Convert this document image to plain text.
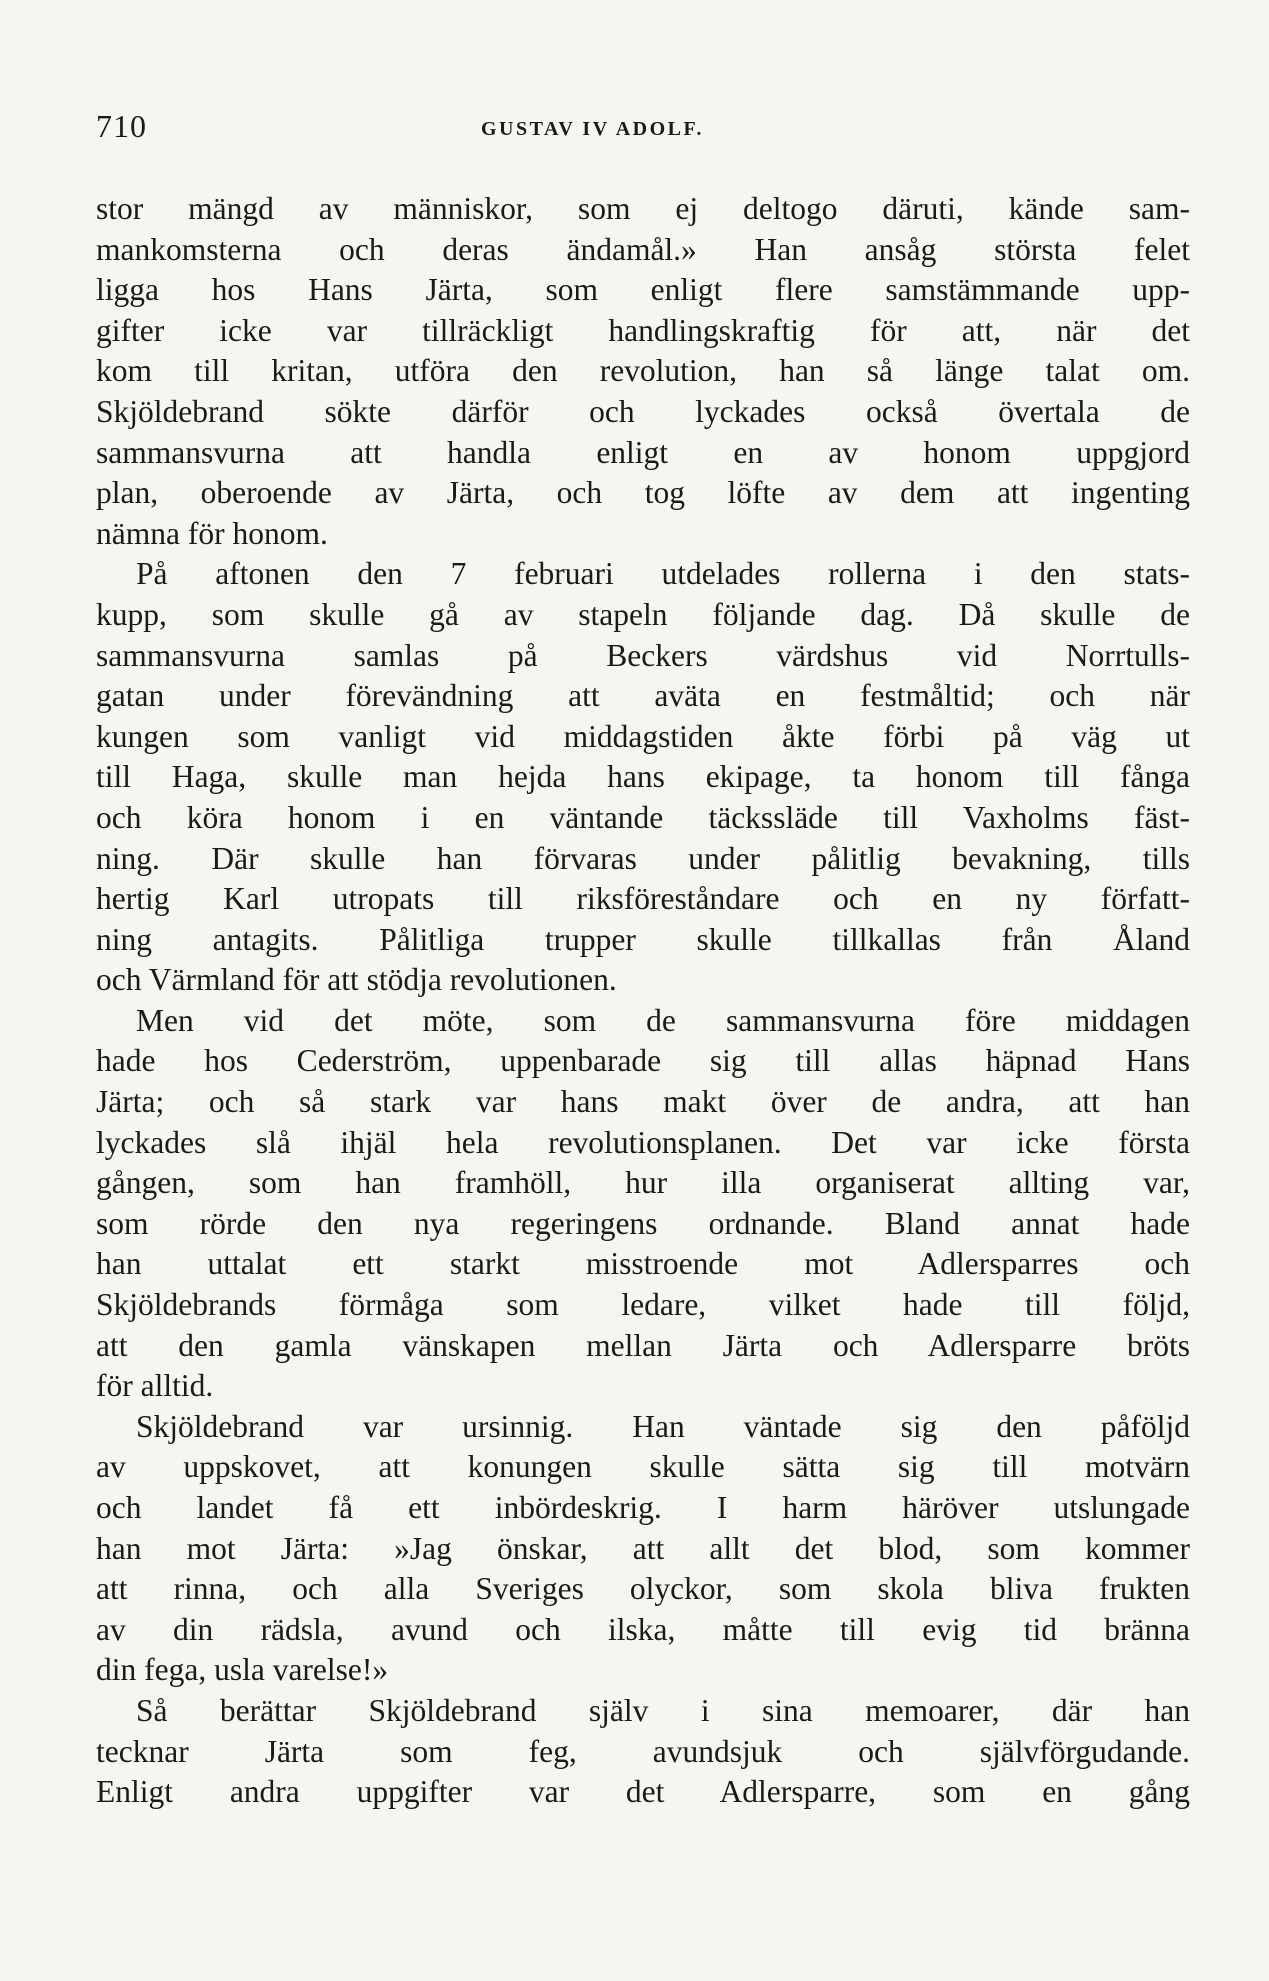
710	GUSTAV IV ADOLF.
stor mängd av människor, som ej deltogo däruti, kände sam-
mankomsterna och deras ändamål.» Han ansåg största felet
ligga hos Hans Järta, som enligt flere samstämmande upp-
gifter icke var tillräckligt handlingskraftig för att, när det
kom till kritan, utföra den revolution, han så länge talat om.
Skjöldebrand sökte därför och lyckades också övertala de
sammansvurna att handla enligt en av honom uppgjord
plan, oberoende av Järta, och tog löfte av dem att ingenting
nämna för honom.
På aftonen den 7 februari utdelades rollerna i den stats-
kupp, som skulle gå av stapeln följande dag. Då skulle de
sammansvurna samlas på Beckers värdshus vid Norrtulls-
gatan under förevändning att aväta en festmåltid; och när
kungen som vanligt vid middagstiden åkte förbi på väg ut
till Haga, skulle man hejda hans ekipage, ta honom till fånga
och köra honom i en väntande täckssläde till Vaxholms fäst-
ning. Där skulle han förvaras under pålitlig bevakning, tills
hertig Karl utropats till riksföreståndare och en ny författ-
ning antagits. Pålitliga trupper skulle tillkallas från Åland
och Värmland för att stödja revolutionen.
Men vid det möte, som de sammansvurna före middagen
hade hos Cederström, uppenbarade sig till allas häpnad Hans
Järta; och så stark var hans makt över de andra, att han
lyckades slå ihjäl hela revolutionsplanen. Det var icke första
gången, som han framhöll, hur illa organiserat allting var,
som rörde den nya regeringens ordnande. Bland annat hade
han uttalat ett starkt misstroende mot Adlersparres och
Skjöldebrands förmåga som ledare, vilket hade till följd,
att den gamla vänskapen mellan Järta och Adlersparre bröts
för alltid.
Skjöldebrand var ursinnig. Han väntade sig den påföljd
av uppskovet, att konungen skulle sätta sig till motvärn
och landet få ett inbördeskrig. I harm häröver utslungade
han mot Järta: »Jag önskar, att allt det blod, som kommer
att rinna, och alla Sveriges olyckor, som skola bliva frukten
av din rädsla, avund och ilska, måtte till evig tid bränna
din fega, usla varelse!»
Så berättar Skjöldebrand själv i sina memoarer, där han
tecknar Järta som feg, avundsjuk och självförgudande.
Enligt andra uppgifter var det Adlersparre, som en gång
